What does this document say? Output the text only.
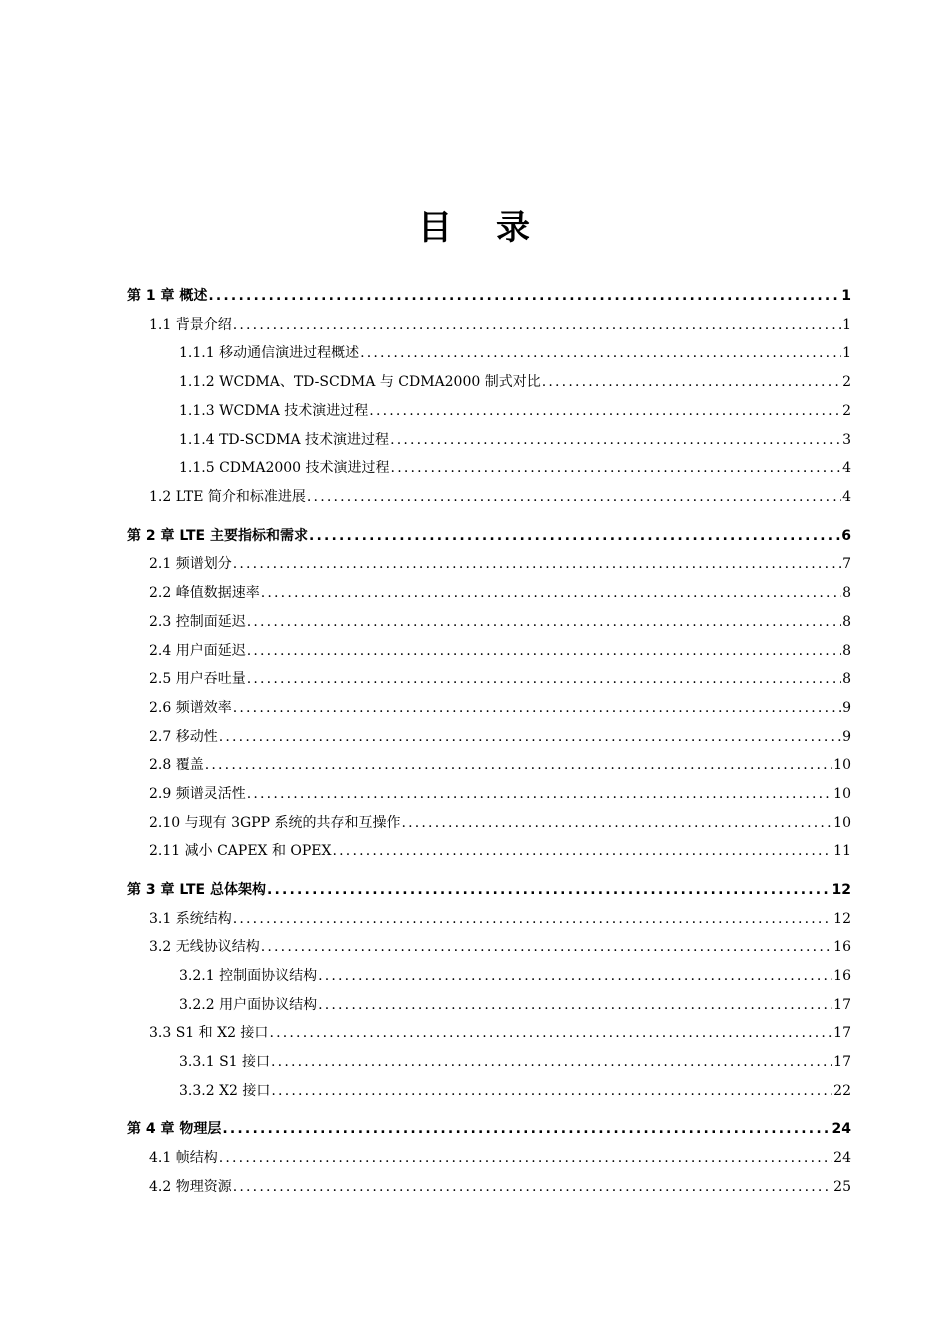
目 录
第 1 章 概述 .....	1
1.1 背景介绍 .....	1
1.1.1 移动通信演进过程概述 .....	1
1.1.2 WCDMA、TD-SCDMA 与 CDMA2000 制式对比 .....	2
1.1.3 WCDMA 技术演进过程 .....	2
1.1.4 TD-SCDMA 技术演进过程 .....	3
1.1.5 CDMA2000 技术演进过程 .....	4
1.2 LTE 简介和标准进展 .....	4
第 2 章 LTE 主要指标和需求 .....	6
2.1 频谱划分 .....	7
2.2 峰值数据速率 .....	8
2.3 控制面延迟 .....	8
2.4 用户面延迟 .....	8
2.5 用户吞吐量 .....	8
2.6 频谱效率 .....	9
2.7 移动性 .....	9
2.8 覆盖 .....	10
2.9 频谱灵活性 .....	10
2.10 与现有 3GPP 系统的共存和互操作 .....	10
2.11 减小 CAPEX 和 OPEX .....	11
第 3 章 LTE 总体架构 .....	12
3.1 系统结构 .....	12
3.2 无线协议结构 .....	16
3.2.1 控制面协议结构 .....	16
3.2.2 用户面协议结构 .....	17
3.3 S1 和 X2 接口 .....	17
3.3.1 S1 接口 .....	17
3.3.2 X2 接口 .....	22
第 4 章 物理层 .....	24
4.1 帧结构 .....	24
4.2 物理资源 .....	25
